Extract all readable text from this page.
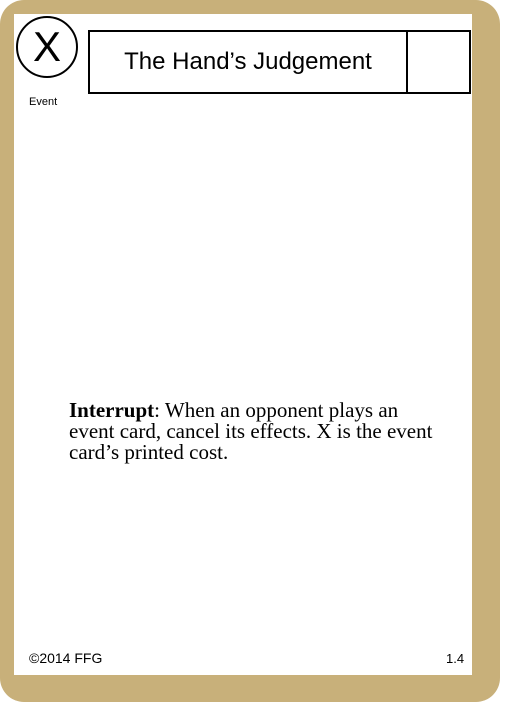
X	The Hand’s Judgement
Event
Interrupt: When an opponent plays an event card, cancel its effects. X is the event card’s printed cost.
©2014 FFG	1.4
